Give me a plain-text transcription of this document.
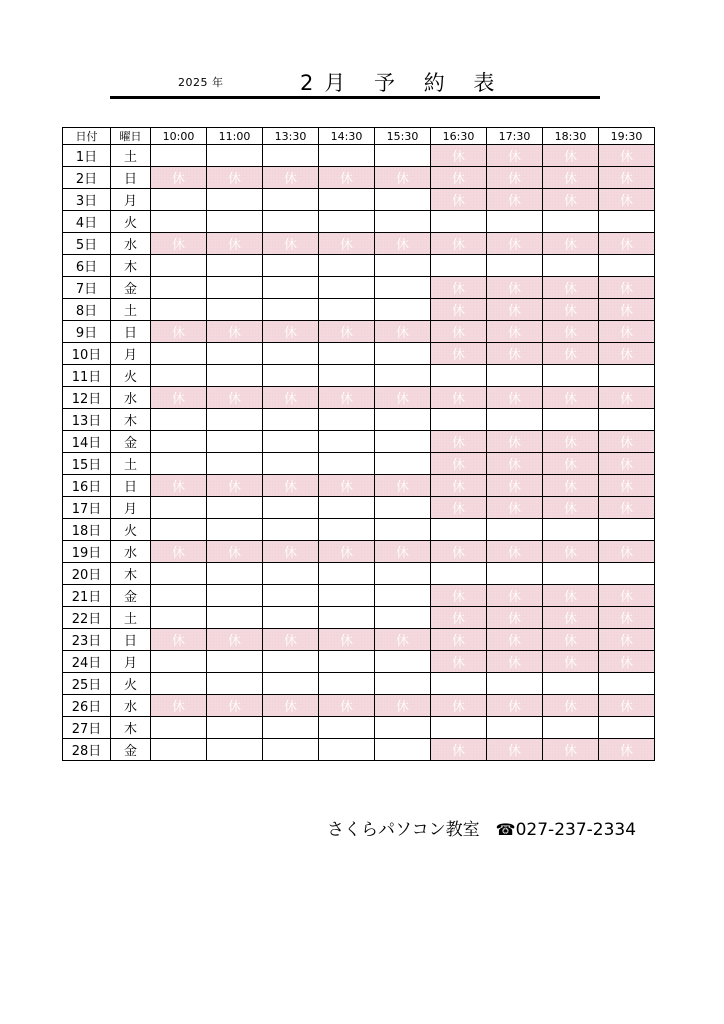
2025 年	2月 予 約 表
日付	曜日	10:00	11:00	13:30	14:30	15:30	16:30	17:30	18:30	19:30
1日	土						休	休	休	休
2日	日	休	休	休	休	休	休	休	休	休
3日	月						休	休	休	休
4日	火									
5日	水	休	休	休	休	休	休	休	休	休
6日	木									
7日	金						休	休	休	休
8日	土						休	休	休	休
9日	日	休	休	休	休	休	休	休	休	休
10日	月						休	休	休	休
11日	火									
12日	水	休	休	休	休	休	休	休	休	休
13日	木									
14日	金						休	休	休	休
15日	土						休	休	休	休
16日	日	休	休	休	休	休	休	休	休	休
17日	月						休	休	休	休
18日	火									
19日	水	休	休	休	休	休	休	休	休	休
20日	木									
21日	金						休	休	休	休
22日	土						休	休	休	休
23日	日	休	休	休	休	休	休	休	休	休
24日	月						休	休	休	休
25日	火									
26日	水	休	休	休	休	休	休	休	休	休
27日	木									
28日	金						休	休	休	休
さくらパソコン教室 ☎027-237-2334
